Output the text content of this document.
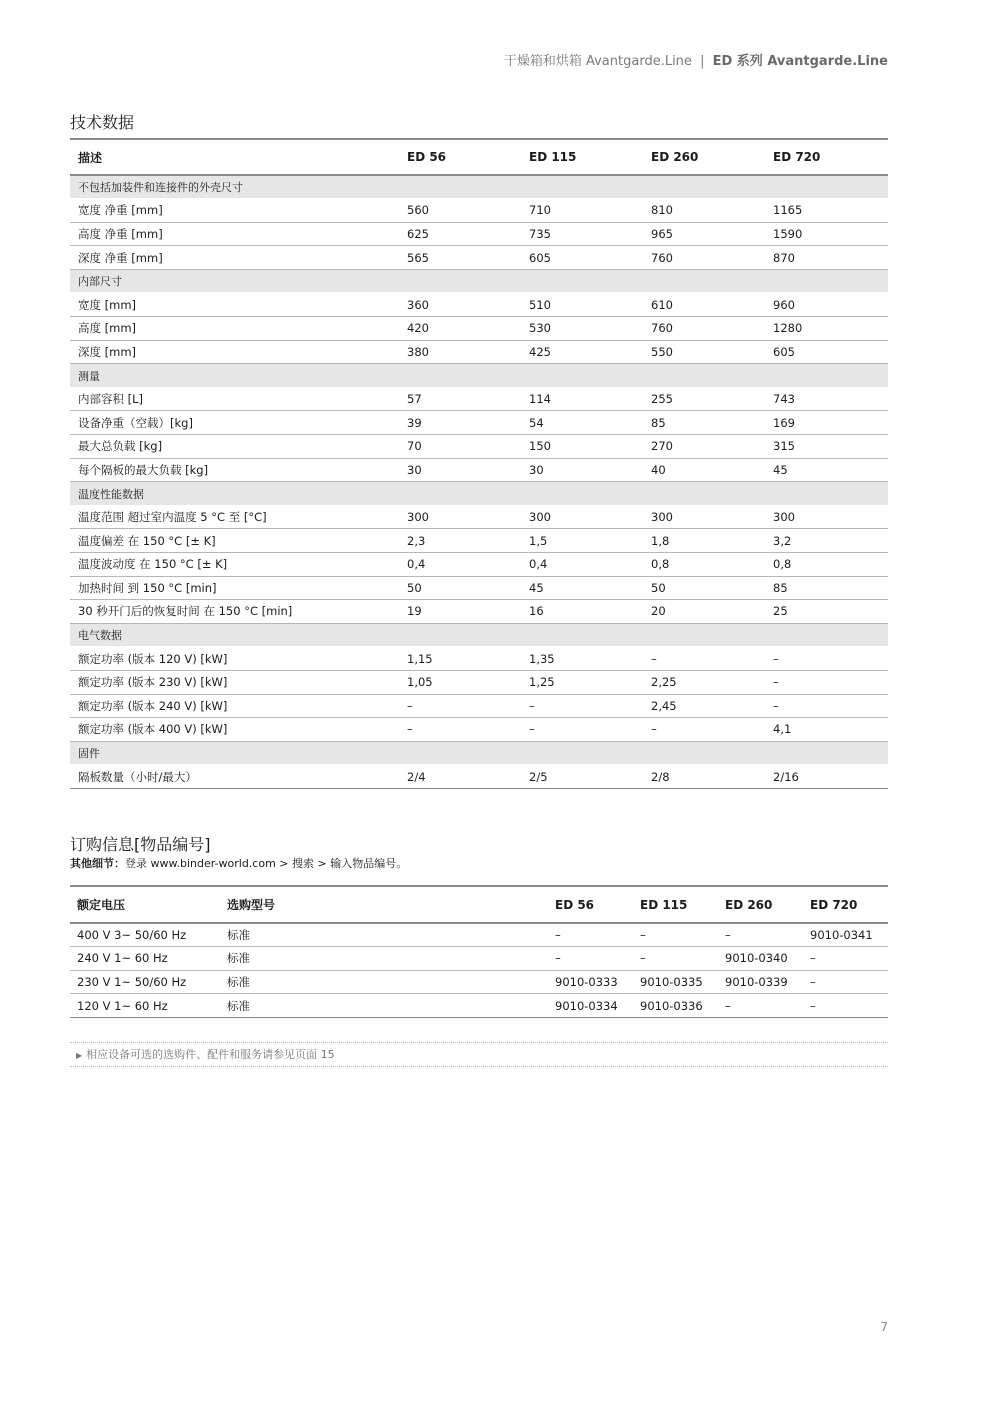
干燥箱和烘箱 Avantgarde.Line | ED 系列 Avantgarde.Line
技术数据
描述	ED 56	ED 115	ED 260	ED 720
不包括加装件和连接件的外壳尺寸				
宽度 净重 [mm]	560	710	810	1165
高度 净重 [mm]	625	735	965	1590
深度 净重 [mm]	565	605	760	870
内部尺寸				
宽度 [mm]	360	510	610	960
高度 [mm]	420	530	760	1280
深度 [mm]	380	425	550	605
测量				
内部容积 [L]	57	114	255	743
设备净重（空载）[kg]	39	54	85	169
最大总负载 [kg]	70	150	270	315
每个隔板的最大负载 [kg]	30	30	40	45
温度性能数据				
温度范围 超过室内温度 5 °C 至 [°C]	300	300	300	300
温度偏差 在 150 °C [± K]	2,3	1,5	1,8	3,2
温度波动度 在 150 °C [± K]	0,4	0,4	0,8	0,8
加热时间 到 150 °C [min]	50	45	50	85
30 秒开门后的恢复时间 在 150 °C [min]	19	16	20	25
电气数据				
额定功率 (版本 120 V) [kW]	1,15	1,35	–	–
额定功率 (版本 230 V) [kW]	1,05	1,25	2,25	–
额定功率 (版本 240 V) [kW]	–	–	2,45	–
额定功率 (版本 400 V) [kW]	–	–	–	4,1
固件				
隔板数量（小时/最大）	2/4	2/5	2/8	2/16
订购信息[物品编号]
其他细节：登录 www.binder-world.com > 搜索 > 输入物品编号。
额定电压	选购型号	ED 56	ED 115	ED 260	ED 720
400 V 3~ 50/60 Hz	标准	–	–	–	9010-0341
240 V 1~ 60 Hz	标准	–	–	9010-0340	–
230 V 1~ 50/60 Hz	标准	9010-0333	9010-0335	9010-0339	–
120 V 1~ 60 Hz	标准	9010-0334	9010-0336	–	–
▶ 相应设备可选的选购件、配件和服务请参见页面 15
7
